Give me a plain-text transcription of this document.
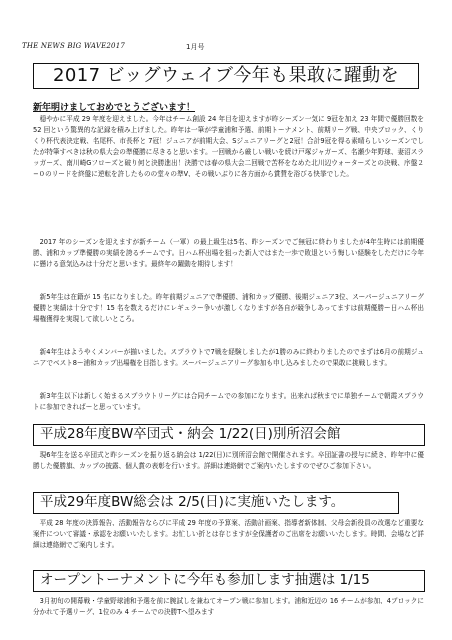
THE NEWS BIG WAVE2017	1月号
2017 ビッグウェイブ今年も果敢に躍動を
新年明けましておめでとうございます！

穏やかに平成 29 年度を迎えました。今年はチーム創設 24 年目を迎えますが昨シーズン一気に 9冠を加え 23 年間で優勝回数を 52 回という驚異的な記録を積み上げました。昨年は一筆が学童浦和予選、前期トーナメント、前期リーグ戦、中央ブロック、くりくり杯代表決定戦、名尾杯、市長杯と 7冠！ジュニアが前期大会、Sジュニアリーグと2冠！合計9冠を得る素晴らしいシーズンでしたが特筆すべきは秋の県大会の準優勝に尽きると思います。一回戦から厳しい戦いを続け戸塚ジャガーズ、名瀬少年野球、妻沼スラッガーズ、南川崎Gフローズと破り何と決勝進出！決勝では春の県大会二回戦で苦杯をなめた北川辺ウォーターズとの決戦、序盤２−０のリードを終盤に逆転を許したものの堂々の準V、その戦いぶりに各方面から賞賛を浴びる快挙でした。

2017 年のシーズンを迎えますが新チーム（一軍）の最上級生は5名、昨シーズンでご無冠に終わりましたが4年生時には前期優勝、浦和カップ準優勝の実績を誇るチームです。日ハム杯出場を狙った新人ではまた一歩で敗退という悔しい経験をしただけに今年に懸ける意気込みは十分だと思います。最終年の躍動を期待します！

新5年生は在籍が 15 名になりました。昨年前期ジュニアで準優勝、浦和カップ優勝、後期ジュニア3位、スーパージュニアリーグ優勝と実績は十分です！15 名を数えるだけにレギュラー争いが激しくなりますが各自が競争しあってますは前期優勝ー日ハム杯出場権獲得を実現して欲しいところ。

新4年生はようやくメンバーが揃いました。スプラウトで7戦を経験しましたが1勝のみに終わりましたのでまずは6月の前期ジュニアでベスト8ー浦和カップ出場権を目指します。スーパージュニアリーグ参加も申し込みましたので果敢に挑戦します。

新3年生以下は新しく始まるスプラウトリーグには合同チームでの参加になります。出来れば秋までに単独チームで朝霞スプラウトに参加できればーと思っています。

平成28年度BW卒団式・納会 1/22(日)別所沼会館

現6年生を送る卒団式と昨シーズンを振り返る納会は 1/22(日)に別所沼会館で開催されます。卒団証書の授与に続き、昨年中に優勝した優勝旗、カップの披露、個人賞の表彰を行います。詳細は連絡網でご案内いたしますのでぜひご参加下さい。

平成29年度BW総会は 2/5(日)に実施いたします。

平成 28 年度の決算報告、活動報告ならびに平成 29 年度の予算案、活動計画案、指導者新体制、父母会新役員の改選など重要な案件について審議・承認をお願いいたします。お忙しい折とは存じますが全保護者のご出席をお願いいたします。時間、会場など詳細は連絡網でご案内します。

オープントーナメントに今年も参加します抽選は 1/15

3月初旬の開幕戦・学童野球浦和予選を前に腕試しを兼ねてオープン戦に参加します。浦和近辺の 16 チームが参加、4ブロックに分かれて予選リーグ、1位のみ 4 チームでの決勝Tへ望みます
